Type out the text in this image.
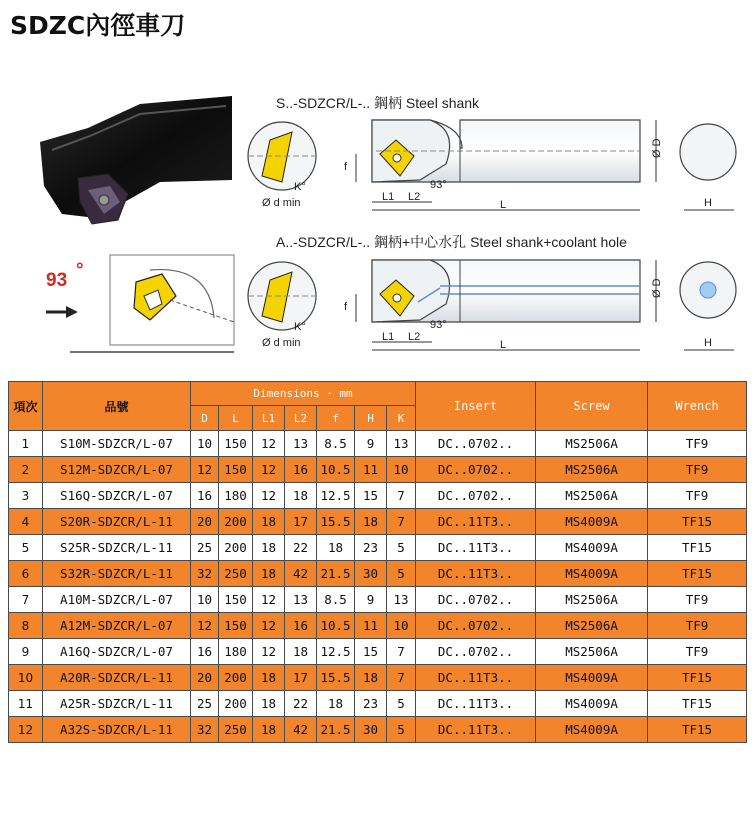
SDZC內徑車刀
93 °
S..-SDZCR/L-.. 鋼柄 Steel shank
K°
Ø d min
f
93°
L1 L2
L
Ø D
H
A..-SDZCR/L-.. 鋼柄+中心水孔 Steel shank+coolant hole
K°
Ø d min
f
93°
L1 L2
L
Ø D
H
項次	品號	Dimensions · mm							Insert	Screw	Wrench
		D	L	L1	L2	f	H	K			
1	S10M-SDZCR/L-07	10	150	12	13	8.5	9	13	DC..0702..	MS2506A	TF9
2	S12M-SDZCR/L-07	12	150	12	16	10.5	11	10	DC..0702..	MS2506A	TF9
3	S16Q-SDZCR/L-07	16	180	12	18	12.5	15	7	DC..0702..	MS2506A	TF9
4	S20R-SDZCR/L-11	20	200	18	17	15.5	18	7	DC..11T3..	MS4009A	TF15
5	S25R-SDZCR/L-11	25	200	18	22	18	23	5	DC..11T3..	MS4009A	TF15
6	S32R-SDZCR/L-11	32	250	18	42	21.5	30	5	DC..11T3..	MS4009A	TF15
7	A10M-SDZCR/L-07	10	150	12	13	8.5	9	13	DC..0702..	MS2506A	TF9
8	A12M-SDZCR/L-07	12	150	12	16	10.5	11	10	DC..0702..	MS2506A	TF9
9	A16Q-SDZCR/L-07	16	180	12	18	12.5	15	7	DC..0702..	MS2506A	TF9
10	A20R-SDZCR/L-11	20	200	18	17	15.5	18	7	DC..11T3..	MS4009A	TF15
11	A25R-SDZCR/L-11	25	200	18	22	18	23	5	DC..11T3..	MS4009A	TF15
12	A32S-SDZCR/L-11	32	250	18	42	21.5	30	5	DC..11T3..	MS4009A	TF15
